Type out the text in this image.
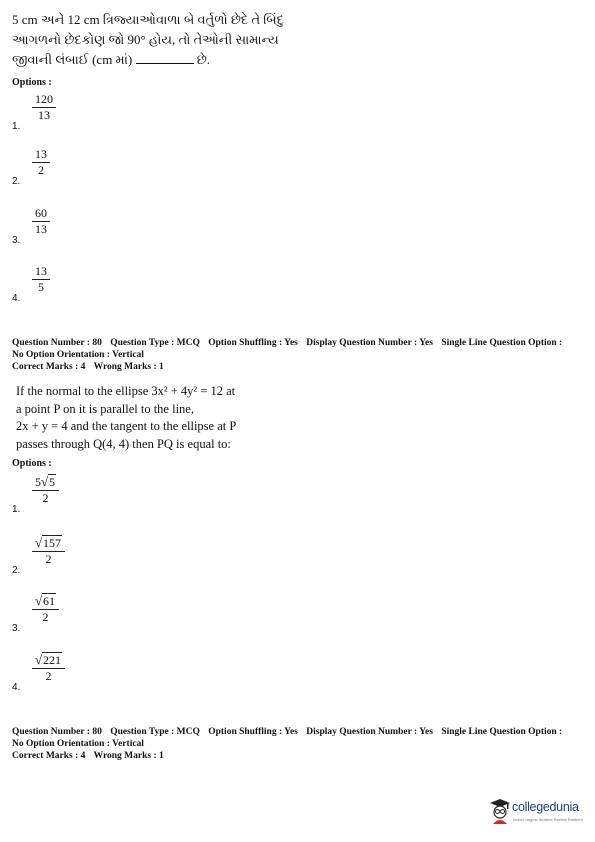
5 cm અને 12 cm ત્રિજ્યાઓવાળા બે વર્તુળો છેદે તે બિંદુ આગળનો છેદકોણ જો 90° હોય, તો તેઓની સામાન્ય જીવાની લંબાઈ (cm માં)	છે.
Options :
1.
120
13
2.
13
2
3.
60
13
4.
13
5
Question Number : 80 Question Type : MCQ Option Shuffling : Yes Display Question Number : Yes Single Line Question Option :
No Option Orientation : Vertical
Correct Marks : 4 Wrong Marks : 1
If the normal to the ellipse 3x² + 4y² = 12 at
a point P on it is parallel to the line,
2x + y = 4 and the tangent to the ellipse at P
passes through Q(4, 4) then PQ is equal to:
Options :
1.
5 √ 5
2
2.
√ 157
2
3.
√ 61
2
4.
√ 221
2
Question Number : 80 Question Type : MCQ Option Shuffling : Yes Display Question Number : Yes Single Line Question Option :
No Option Orientation : Vertical
Correct Marks : 4 Wrong Marks : 1
collegedunia
India's largest Student Review Platform
